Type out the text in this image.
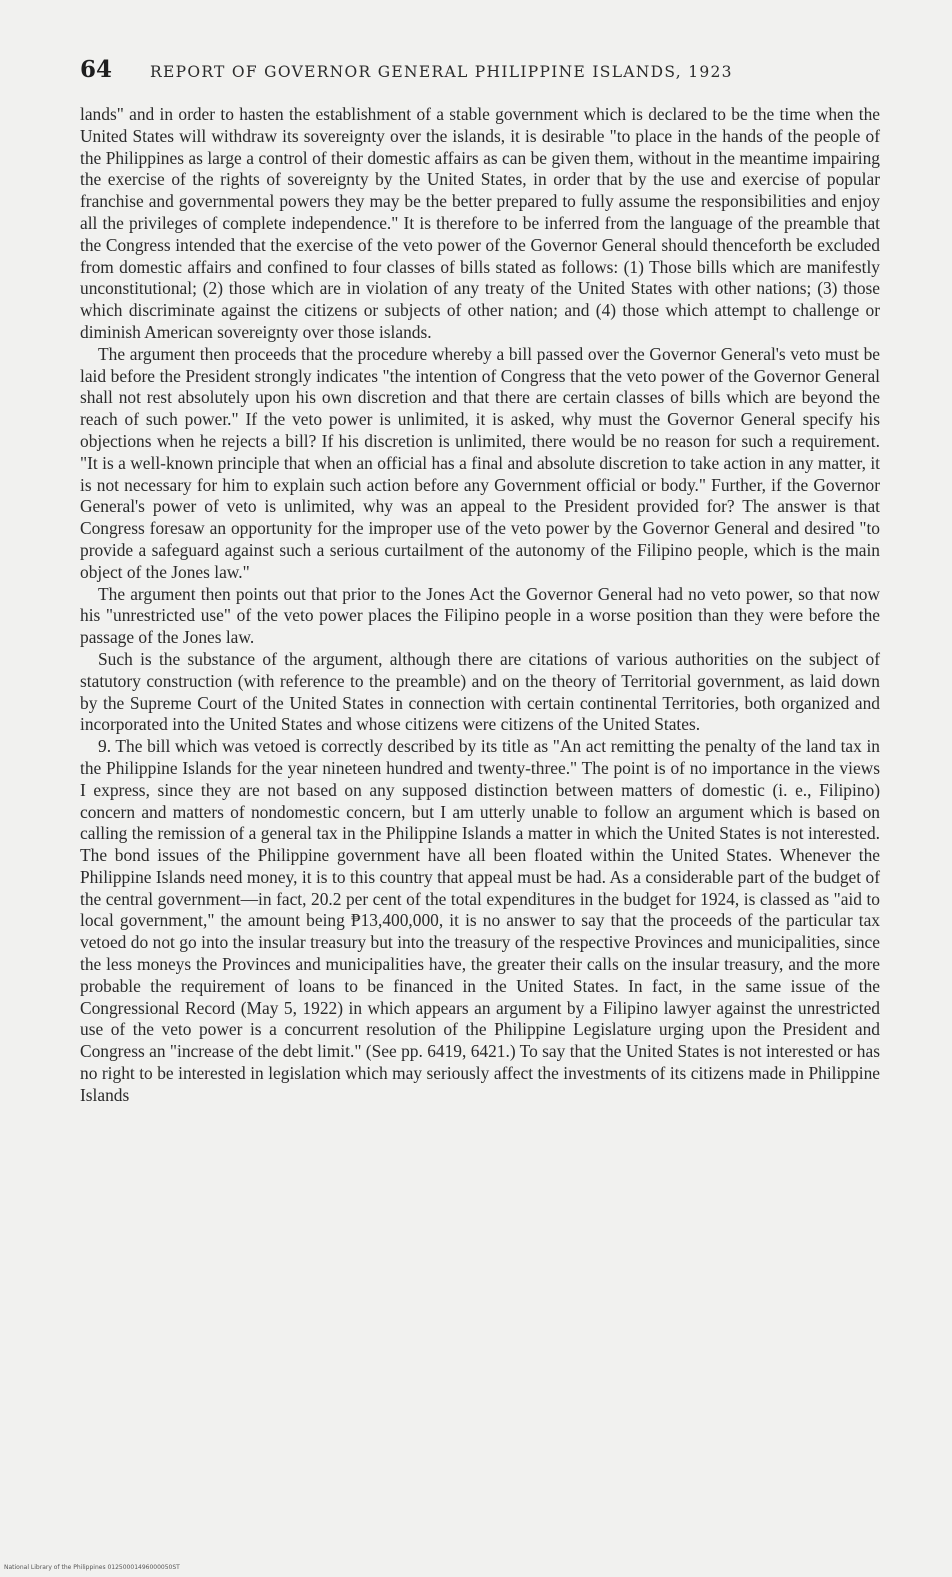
64	REPORT OF GOVERNOR GENERAL PHILIPPINE ISLANDS, 1923

lands" and in order to hasten the establishment of a stable government which is declared to be the time when the United States will withdraw its sovereignty over the islands, it is desirable "to place in the hands of the people of the Philippines as large a control of their domestic affairs as can be given them, without in the meantime impairing the exercise of the rights of sovereignty by the United States, in order that by the use and exercise of popular franchise and governmental powers they may be the better prepared to fully assume the responsibilities and enjoy all the privileges of complete independence." It is therefore to be inferred from the language of the preamble that the Congress intended that the exercise of the veto power of the Governor General should thenceforth be excluded from domestic affairs and confined to four classes of bills stated as follows: (1) Those bills which are manifestly unconstitutional; (2) those which are in violation of any treaty of the United States with other nations; (3) those which discriminate against the citizens or subjects of other nation; and (4) those which attempt to challenge or diminish American sovereignty over those islands.

The argument then proceeds that the procedure whereby a bill passed over the Governor General's veto must be laid before the President strongly indicates "the intention of Congress that the veto power of the Governor General shall not rest absolutely upon his own discretion and that there are certain classes of bills which are beyond the reach of such power." If the veto power is unlimited, it is asked, why must the Governor General specify his objections when he rejects a bill? If his discretion is unlimited, there would be no reason for such a requirement. "It is a well-known principle that when an official has a final and absolute discretion to take action in any matter, it is not necessary for him to explain such action before any Government official or body." Further, if the Governor General's power of veto is unlimited, why was an appeal to the President provided for? The answer is that Congress foresaw an opportunity for the improper use of the veto power by the Governor General and desired "to provide a safeguard against such a serious curtailment of the autonomy of the Filipino people, which is the main object of the Jones law."

The argument then points out that prior to the Jones Act the Governor General had no veto power, so that now his "unrestricted use" of the veto power places the Filipino people in a worse position than they were before the passage of the Jones law.

Such is the substance of the argument, although there are citations of various authorities on the subject of statutory construction (with reference to the preamble) and on the theory of Territorial government, as laid down by the Supreme Court of the United States in connection with certain continental Territories, both organized and incorporated into the United States and whose citizens were citizens of the United States.

9. The bill which was vetoed is correctly described by its title as "An act remitting the penalty of the land tax in the Philippine Islands for the year nineteen hundred and twenty-three." The point is of no importance in the views I express, since they are not based on any supposed distinction between matters of domestic (i. e., Filipino) concern and matters of nondomestic concern, but I am utterly unable to follow an argument which is based on calling the remission of a general tax in the Philippine Islands a matter in which the United States is not interested. The bond issues of the Philippine government have all been floated within the United States. Whenever the Philippine Islands need money, it is to this country that appeal must be had. As a considerable part of the budget of the central government—in fact, 20.2 per cent of the total expenditures in the budget for 1924, is classed as "aid to local government," the amount being ₱13,400,000, it is no answer to say that the proceeds of the particular tax vetoed do not go into the insular treasury but into the treasury of the respective Provinces and municipalities, since the less moneys the Provinces and municipalities have, the greater their calls on the insular treasury, and the more probable the requirement of loans to be financed in the United States. In fact, in the same issue of the Congressional Record (May 5, 1922) in which appears an argument by a Filipino lawyer against the unrestricted use of the veto power is a concurrent resolution of the Philippine Legislature urging upon the President and Congress an "increase of the debt limit." (See pp. 6419, 6421.) To say that the United States is not interested or has no right to be interested in legislation which may seriously affect the investments of its citizens made in Philippine Islands

National Library of the Philippines 01250001496000050ST
